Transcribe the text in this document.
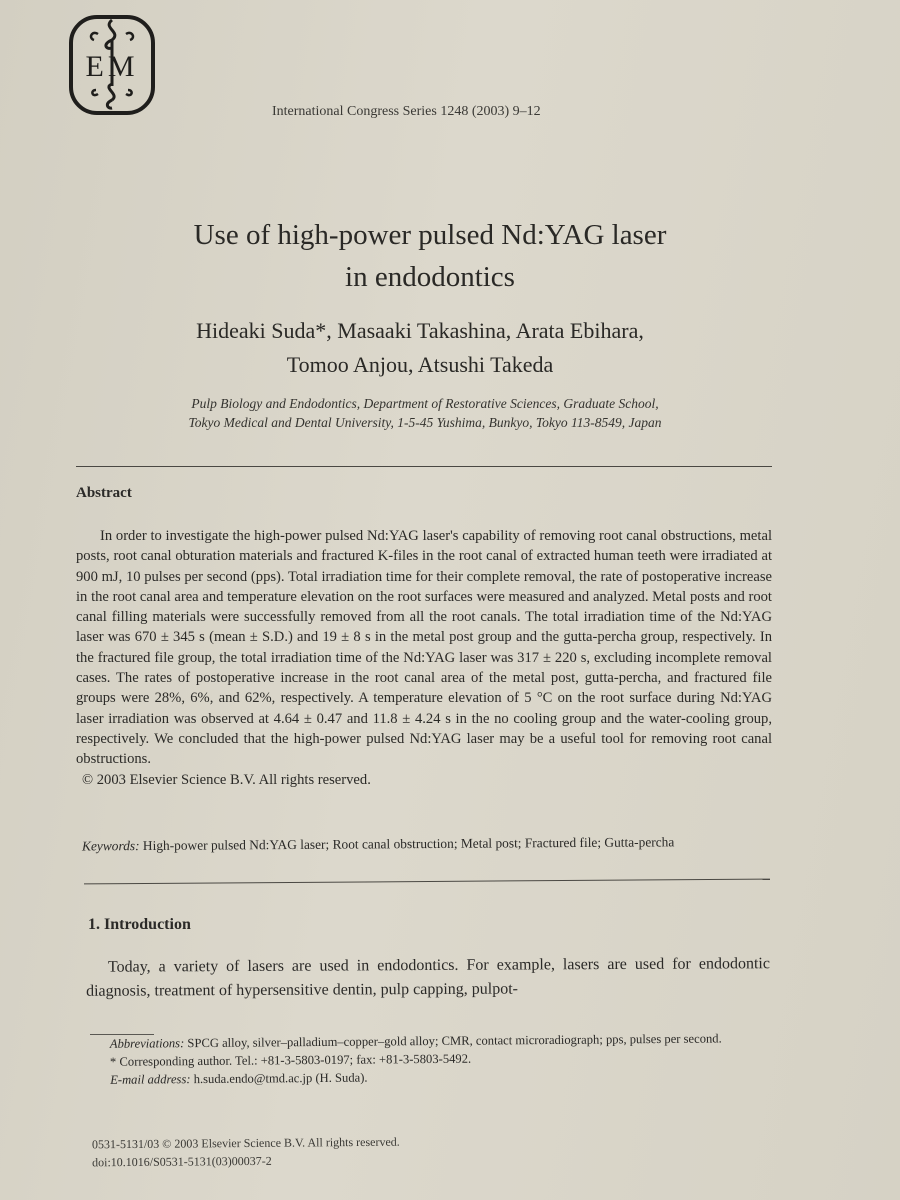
EM
International Congress Series 1248 (2003) 9–12
Use of high-power pulsed Nd:YAG laser
in endodontics
Hideaki Suda*, Masaaki Takashina, Arata Ebihara,
Tomoo Anjou, Atsushi Takeda
Pulp Biology and Endodontics, Department of Restorative Sciences, Graduate School,
Tokyo Medical and Dental University, 1-5-45 Yushima, Bunkyo, Tokyo 113-8549, Japan
Abstract
In order to investigate the high-power pulsed Nd:YAG laser's capability of removing root canal obstructions, metal posts, root canal obturation materials and fractured K-files in the root canal of extracted human teeth were irradiated at 900 mJ, 10 pulses per second (pps). Total irradiation time for their complete removal, the rate of postoperative increase in the root canal area and temperature elevation on the root surfaces were measured and analyzed. Metal posts and root canal filling materials were successfully removed from all the root canals. The total irradiation time of the Nd:YAG laser was 670 ± 345 s (mean ± S.D.) and 19 ± 8 s in the metal post group and the gutta-percha group, respectively. In the fractured file group, the total irradiation time of the Nd:YAG laser was 317 ± 220 s, excluding incomplete removal cases. The rates of postoperative increase in the root canal area of the metal post, gutta-percha, and fractured file groups were 28%, 6%, and 62%, respectively. A temperature elevation of 5 °C on the root surface during Nd:YAG laser irradiation was observed at 4.64 ± 0.47 and 11.8 ± 4.24 s in the no cooling group and the water-cooling group, respectively. We concluded that the high-power pulsed Nd:YAG laser may be a useful tool for removing root canal obstructions.
© 2003 Elsevier Science B.V. All rights reserved.
Keywords: High-power pulsed Nd:YAG laser; Root canal obstruction; Metal post; Fractured file; Gutta-percha
1. Introduction
Today, a variety of lasers are used in endodontics. For example, lasers are used for endodontic diagnosis, treatment of hypersensitive dentin, pulp capping, pulpot-
Abbreviations: SPCG alloy, silver–palladium–copper–gold alloy; CMR, contact microradiograph; pps, pulses per second.
* Corresponding author. Tel.: +81-3-5803-0197; fax: +81-3-5803-5492.
E-mail address: h.suda.endo@tmd.ac.jp (H. Suda).
0531-5131/03 © 2003 Elsevier Science B.V. All rights reserved.
doi:10.1016/S0531-5131(03)00037-2
